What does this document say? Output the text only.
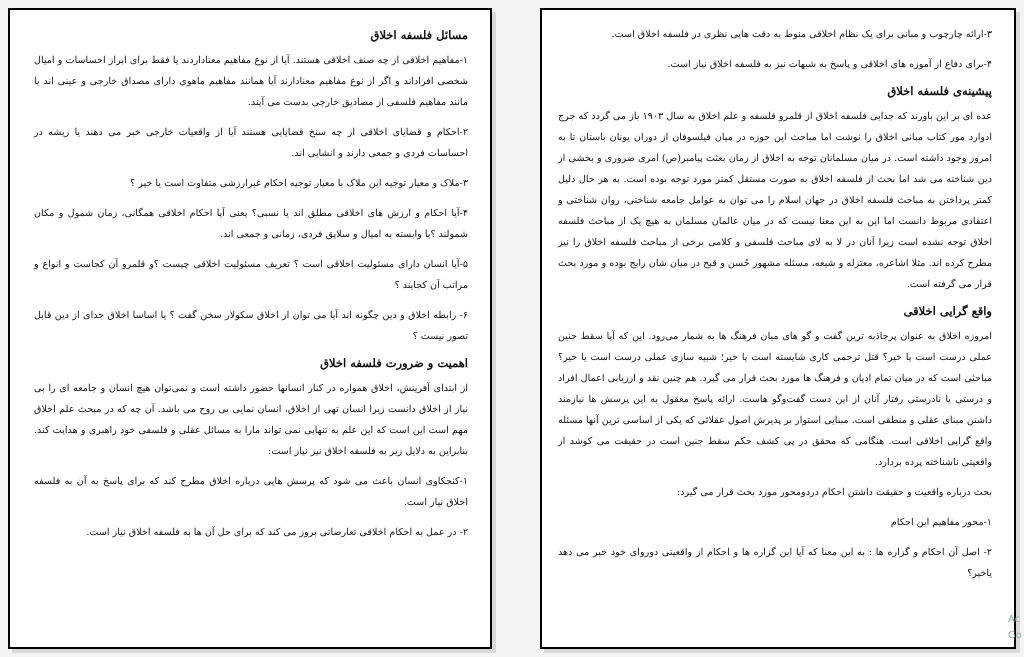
مسائل فلسفه اخلاق

۱-مفاهیم اخلاقی از چه صنف اخلاقی هستند. آیا از نوع مفاهیم معناداردند یا فقط برای ابراز احساسات و امیال شخصی افراد‌اند و اگر از نوع مفاهیم معنادارند آیا همانند مفاهیم ماهوی دارای مصداق خارجی و عینی اند یا مانند مفاهیم فلسفی از مصادیق خارجی بدست می آیند.

۲-احکام و قضایای اخلاقی از چه سنخ قضایایی هستند آیا از واقعیات خارجی خبر می دهند یا ریشه در احساسات فردی و جمعی دارند و انشایی اند.

۳-ملاک و معیار توجیه این ملاک با معیار توجیه احکام غیرارزشی متفاوت است یا خیر ؟

۴-آیا احکام و ارزش های اخلاقی مطلق اند یا نسبی؟ یعنی آیا احکام اخلاقی همگانی، زمان شمول و مکان شمولند ؟یا وابسته به امیال و سلایق فردی، زمانی و جمعی اند.

۵-آیا انسان دارای مسئولیت اخلاقی است ؟ تعریف مسئولیت اخلاقی چیست ؟و قلمرو آن کجاست و انواع و مراتب آن کجایند ؟

۶- رابطه اخلاق و دین چگونه اند آیا می توان از اخلاق سکولار سخن گفت ؟ یا اساسا اخلاق جدای از دین قابل تصور نیست ؟

اهمیت و ضرورت فلسفه اخلاق

از ابتدای آفرینش، اخلاق همواره در کنار انسانها حضور داشته است و نمی‌توان هیچ انسان و جامعه ای را بی نیاز از اخلاق دانست زیرا انسان تهی از اخلاق، انسان نمایی بی روح می باشد. آن چه که در مبحث علم اخلاق مهم است این است که این علم به تنهایی نمی تواند مارا به مسائل عقلی و فلسفی خود راهبری و هدایت کند. بنابراین به دلایل زیر به فلسفه اخلاق نیز نیاز است:

۱-کنجکاوی انسان باعث می شود که پرسش هایی درباره اخلاق مطرح کند که برای پاسخ به آن به فلسفه اخلاق نیاز است.

۲- در عمل به احکام اخلاقی تعارضاتی بروز می کند که برای حل آن ها به فلسفه اخلاق نیاز است.

۳-ارائه چارچوب و مبانی برای یک نظام اخلاقی منوط به دقت هایی نظری در فلسفه اخلاق است.

۴-برای دفاع از آموزه های اخلاقی و پاسخ به شبهات نیز به فلسفه اخلاق نیاز است.

پیشینه‌ی فلسفه اخلاق

عده ای بر این باورند که جدایی فلسفه اخلاق از قلمرو فلسفه و علم اخلاق به سال ۱۹۰۳ باز می گردد که جرج ادوارد مور کتاب مبانی اخلاق را نوشت اما مباحث این حوزه در میان فیلسوفان از دوران یونان باستان تا به امروز وجود داشته است. در میان مسلمانان توجه به اخلاق از زمان بعثت پیامبر(ص) امری ضروری و بخشی از دین شناخته می شد اما بحث از فلسفه اخلاق به صورت مستقل کمتر مورد توجه بوده است. به هر حال دلیل کمتر پرداختن به مباحث فلسفه اخلاق در جهان اسلام را می توان به عوامل جامعه شناختی، روان شناختی و اعتقادی مربوط دانست اما این به این معنا نیست که در میان عالمان مسلمان به هیچ یک از مباحث فلسفه اخلاق توجه نشده است زیرا آنان در لا به لای مباحث فلسفی و کلامی برخی از مباحث فلسفه اخلاق را نیز مطرح کرده اند. مثلا اشاعره، معتزله و شیعه، مسئله مشهور حُسن و قبح در میان شان رایج بوده و مورد بحث قرار می گرفته است.

واقع گرایی اخلاقی

امروزه اخلاق به عنوان پرجاذبه ترین گفت و گو های میان فرهنگ ها به شمار می‌رود. این که آیا سقط جنین عملی درست است یا خیر؟ قتل ترحمی کاری شایسته است یا خیر؛ شبیه سازی عملی درست است یا خیر؟ مباحثی است که در میان تمام ادیان و فرهنگ ها مورد بحث قرار می گیرد. هم چنین نقد و ارزیابی اعمال افراد و درستی یا نادرستی رفتار آنان از این دست گفت‌وگو هاست. ارائه پاسخ معقول به این پرسش ها نیازمند داشتن مبنای عقلی و منطقی است. مبنایی استوار بر پذیرش اصول عقلائی که یکی از اساسی ترین آنها مسئله واقع گرایی اخلاقی است. هنگامی که محقق در پی کشف حکم سقط جنین است در حقیقت می کوشد از واقعیتی ناشناخته پرده بردارد.

بحث درباره واقعیت و حقیقت داشتن احکام دردومحور مورد بحث قرار می گیرد:

۱-محور مفاهیم این احکام

۲- اصل آن احکام و گزاره ها : به این معنا که آیا این گزاره ها و احکام از واقعیتی دوروای خود خبر می دهد یاخیر؟

Ac Go
